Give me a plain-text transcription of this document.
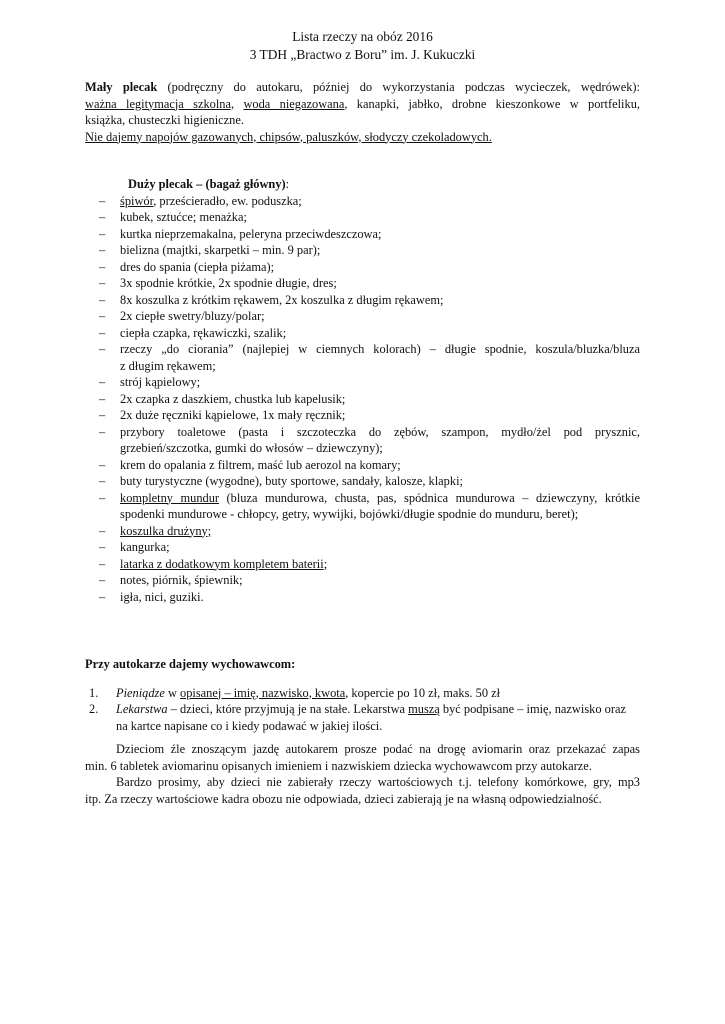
Lista rzeczy na obóz 2016
3 TDH „Bractwo z Boru” im. J. Kukuczki
Mały plecak (podręczny do autokaru, później do wykorzystania podczas wycieczek, wędrówek):
ważna legitymacja szkolna, woda niegazowana, kanapki, jabłko, drobne kieszonkowe w portfeliku,
książka, chusteczki higieniczne.
Nie dajemy napojów gazowanych, chipsów, paluszków, słodyczy czekoladowych.
Duży plecak – (bagaż główny):
– śpiwór, prześcieradło, ew. poduszka;
– kubek, sztućce; menażka;
– kurtka nieprzemakalna, peleryna przeciwdeszczowa;
– bielizna (majtki, skarpetki – min. 9 par);
– dres do spania (ciepła piżama);
– 3x spodnie krótkie, 2x spodnie długie, dres;
– 8x koszulka z krótkim rękawem, 2x koszulka z długim rękawem;
– 2x ciepłe swetry/bluzy/polar;
– ciepła czapka, rękawiczki, szalik;
– rzeczy „do ciorania” (najlepiej w ciemnych kolorach) – długie spodnie, koszula/bluzka/bluza
z długim rękawem;
– strój kąpielowy;
– 2x czapka z daszkiem, chustka lub kapelusik;
– 2x duże ręczniki kąpielowe, 1x mały ręcznik;
– przybory toaletowe (pasta i szczoteczka do zębów, szampon, mydło/żel pod prysznic,
grzebień/szczotka, gumki do włosów – dziewczyny);
– krem do opalania z filtrem, maść lub aerozol na komary;
– buty turystyczne (wygodne), buty sportowe, sandały, kalosze, klapki;
– kompletny mundur (bluza mundurowa, chusta, pas, spódnica mundurowa – dziewczyny, krótkie
spodenki mundurowe - chłopcy, getry, wywijki, bojówki/długie spodnie do munduru, beret);
– koszulka drużyny;
– kangurka;
– latarka z dodatkowym kompletem baterii;
– notes, piórnik, śpiewnik;
– igła, nici, guziki.
Przy autokarze dajemy wychowawcom:
1. Pieniądze w opisanej – imię, nazwisko, kwota, kopercie po 10 zł, maks. 50 zł
2. Lekarstwa – dzieci, które przyjmują je na stałe. Lekarstwa muszą być podpisane – imię, nazwisko oraz
na kartce napisane co i kiedy podawać w jakiej ilości.
Dzieciom źle znoszącym jazdę autokarem prosze podać na drogę aviomarin oraz przekazać zapas
min. 6 tabletek aviomarinu opisanych imieniem i nazwiskiem dziecka wychowawcom przy autokarze.
Bardzo prosimy, aby dzieci nie zabierały rzeczy wartościowych t.j. telefony komórkowe, gry, mp3
itp. Za rzeczy wartościowe kadra obozu nie odpowiada, dzieci zabierają je na własną odpowiedzialność.
